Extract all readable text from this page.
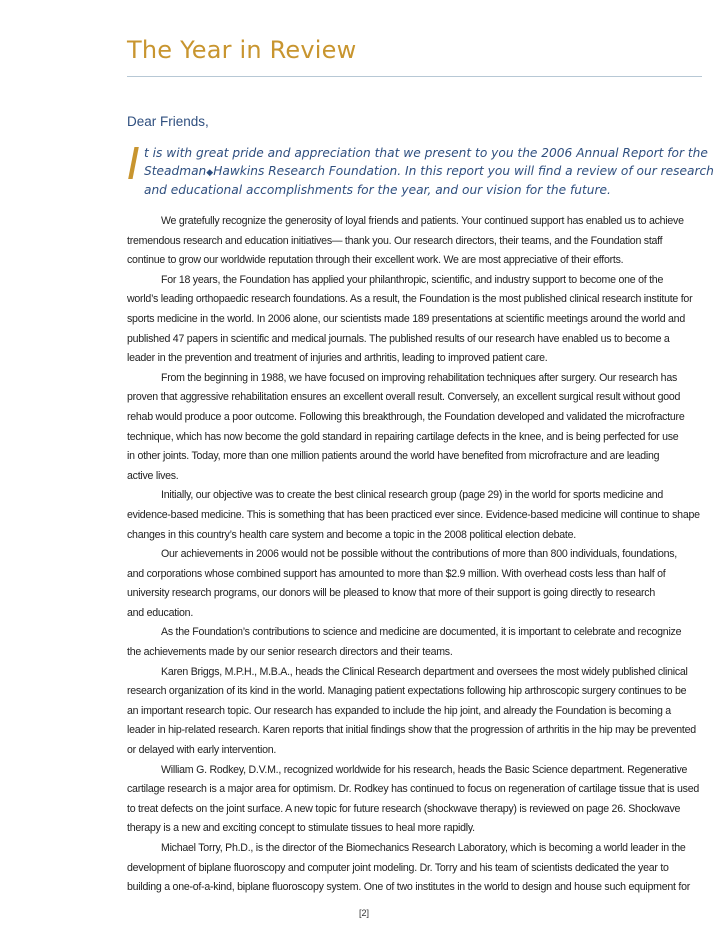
The Year in Review
Dear Friends,
I t is with great pride and appreciation that we present to you the 2006 Annual Report for the
Steadman◆Hawkins Research Foundation. In this report you will find a review of our research
and educational accomplishments for the year, and our vision for the future.
We gratefully recognize the generosity of loyal friends and patients. Your continued support has enabled us to achieve
tremendous research and education initiatives— thank you. Our research directors, their teams, and the Foundation staff
continue to grow our worldwide reputation through their excellent work. We are most appreciative of their efforts.
For 18 years, the Foundation has applied your philanthropic, scientific, and industry support to become one of the
world’s leading orthopaedic research foundations. As a result, the Foundation is the most published clinical research institute for
sports medicine in the world. In 2006 alone, our scientists made 189 presentations at scientific meetings around the world and
published 47 papers in scientific and medical journals. The published results of our research have enabled us to become a
leader in the prevention and treatment of injuries and arthritis, leading to improved patient care.
From the beginning in 1988, we have focused on improving rehabilitation techniques after surgery. Our research has
proven that aggressive rehabilitation ensures an excellent overall result. Conversely, an excellent surgical result without good
rehab would produce a poor outcome. Following this breakthrough, the Foundation developed and validated the microfracture
technique, which has now become the gold standard in repairing cartilage defects in the knee, and is being perfected for use
in other joints. Today, more than one million patients around the world have benefited from microfracture and are leading
active lives.
Initially, our objective was to create the best clinical research group (page 29) in the world for sports medicine and
evidence-based medicine. This is something that has been practiced ever since. Evidence-based medicine will continue to shape
changes in this country’s health care system and become a topic in the 2008 political election debate.
Our achievements in 2006 would not be possible without the contributions of more than 800 individuals, foundations,
and corporations whose combined support has amounted to more than $2.9 million. With overhead costs less than half of
university research programs, our donors will be pleased to know that more of their support is going directly to research
and education.
As the Foundation’s contributions to science and medicine are documented, it is important to celebrate and recognize
the achievements made by our senior research directors and their teams.
Karen Briggs, M.P.H., M.B.A., heads the Clinical Research department and oversees the most widely published clinical
research organization of its kind in the world. Managing patient expectations following hip arthroscopic surgery continues to be
an important research topic. Our research has expanded to include the hip joint, and already the Foundation is becoming a
leader in hip-related research. Karen reports that initial findings show that the progression of arthritis in the hip may be prevented
or delayed with early intervention.
William G. Rodkey, D.V.M., recognized worldwide for his research, heads the Basic Science department. Regenerative
cartilage research is a major area for optimism. Dr. Rodkey has continued to focus on regeneration of cartilage tissue that is used
to treat defects on the joint surface. A new topic for future research (shockwave therapy) is reviewed on page 26. Shockwave
therapy is a new and exciting concept to stimulate tissues to heal more rapidly.
Michael Torry, Ph.D., is the director of the Biomechanics Research Laboratory, which is becoming a world leader in the
development of biplane fluoroscopy and computer joint modeling. Dr. Torry and his team of scientists dedicated the year to
building a one-of-a-kind, biplane fluoroscopy system. One of two institutes in the world to design and house such equipment for
[2]
